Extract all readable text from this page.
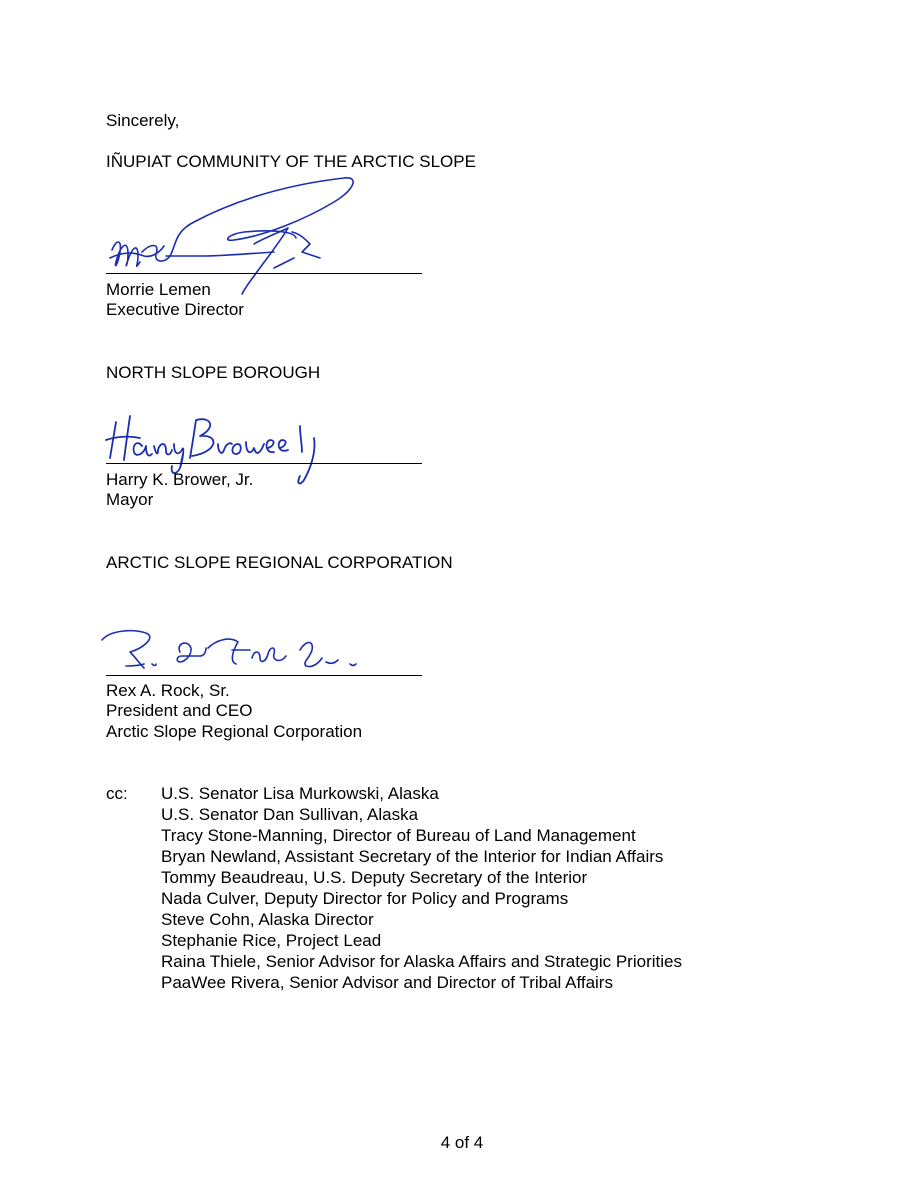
Sincerely,
IÑUPIAT COMMUNITY OF THE ARCTIC SLOPE
Morrie Lemen
Executive Director
NORTH SLOPE BOROUGH
Harry K. Brower, Jr.
Mayor
ARCTIC SLOPE REGIONAL CORPORATION
Rex A. Rock, Sr.
President and CEO
Arctic Slope Regional Corporation
cc: U.S. Senator Lisa Murkowski, Alaska
U.S. Senator Dan Sullivan, Alaska
Tracy Stone-Manning, Director of Bureau of Land Management
Bryan Newland, Assistant Secretary of the Interior for Indian Affairs
Tommy Beaudreau, U.S. Deputy Secretary of the Interior
Nada Culver, Deputy Director for Policy and Programs
Steve Cohn, Alaska Director
Stephanie Rice, Project Lead
Raina Thiele, Senior Advisor for Alaska Affairs and Strategic Priorities
PaaWee Rivera, Senior Advisor and Director of Tribal Affairs
4 of 4
